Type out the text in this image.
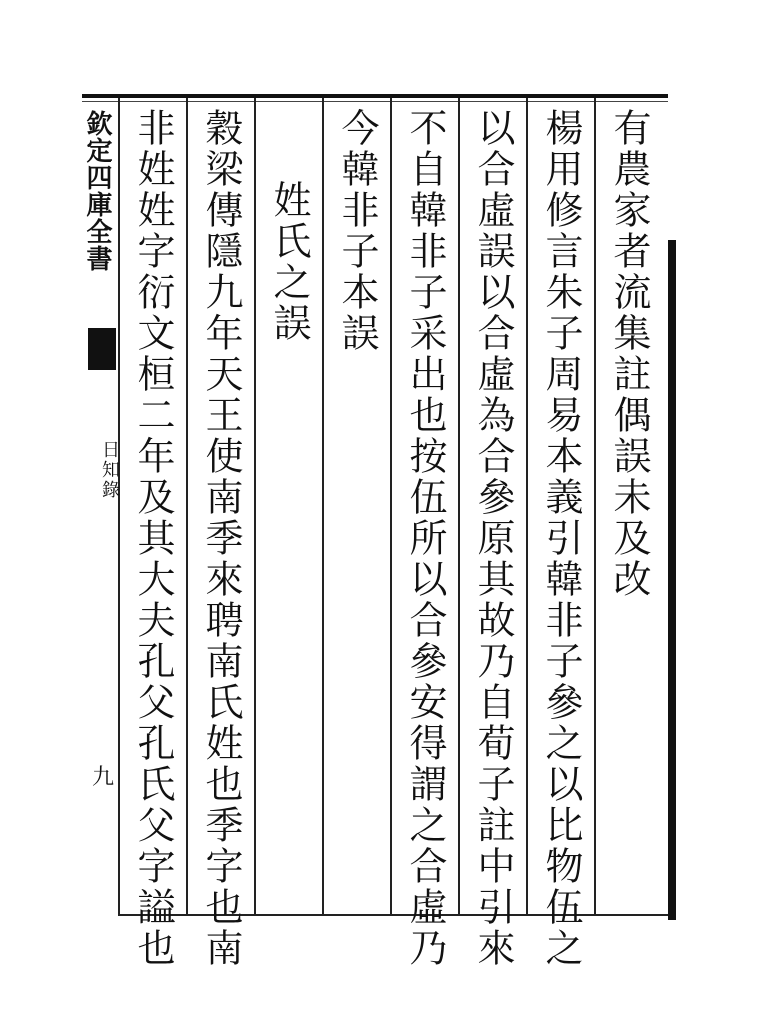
欽定四庫全書
日知錄
九
有農家者流集註偶誤未及改
楊用修言朱子周易本義引韓非子參之以比物伍之
以合虛誤以合虛為合參原其故乃自荀子註中引來
不自韓非子采出也按伍所以合參安得謂之合虛乃
今韓非子本誤
姓氏之誤
穀梁傳隱九年天王使南季來聘南氏姓也季字也南
非姓姓字衍文桓二年及其大夫孔父孔氏父字謚也
